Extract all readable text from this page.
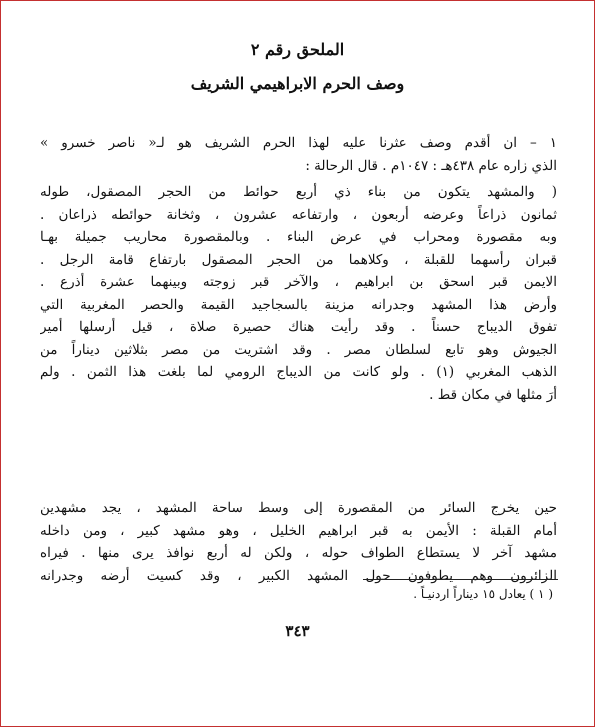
الملحق رقم ٢
وصف الحرم الابراهيمي الشريف
١ – ان أقدم وصف عثرنا عليه لهذا الحرم الشريف هو لـ« ناصر خسرو »
الذي زاره عام ٤٣٨هـ : ١٠٤٧م . قال الرحالة :
( والمشهد يتكون من بناء ذي أربع حوائط من الحجر المصقول، طوله
ثمانون ذراعاً وعرضه أربعون ، وارتفاعه عشرون ، وثخانة حوائطه ذراعان .
وبه مقصورة ومحراب في عرض البناء . وبالمقصورة محاريب جميلة بهـا
قبران رأسهما للقبلة ، وكلاهما من الحجر المصقول بارتفاع قامة الرجل .
الايمن قبر اسحق بن ابراهيم ، والآخر قبر زوجته وبينهما عشرة أذرع .
وأرض هذا المشهد وجدرانه مزينة بالسجاجيد القيمة والحصر المغربية التي
تفوق الديباج حسناً . وقد رأيت هناك حصيرة صلاة ، قيل أرسلها أمير
الجيوش وهو تابع لسلطان مصر . وقد اشتريت من مصر بثلاثين ديناراً من
الذهب المغربي (١) . ولو كانت من الديباج الرومي لما بلغت هذا الثمن . ولم
أرَ مثلها في مكان قط .
حين يخرج السائر من المقصورة إلى وسط ساحة المشهد ، يجد مشهدين
أمام القبلة : الأيمن به قبر ابراهيم الخليل ، وهو مشهد كبير ، ومن داخله
مشهد آخر لا يستطاع الطواف حوله ، ولكن له أربع نوافذ يرى منها . فيراه
الزائرون وهم يطوفون حول المشهد الكبير ، وقد كسيت أرضه وجدرانه
( ١ ) يعادل ١٥ ديناراً اردنيـاً .
٣٤٣
